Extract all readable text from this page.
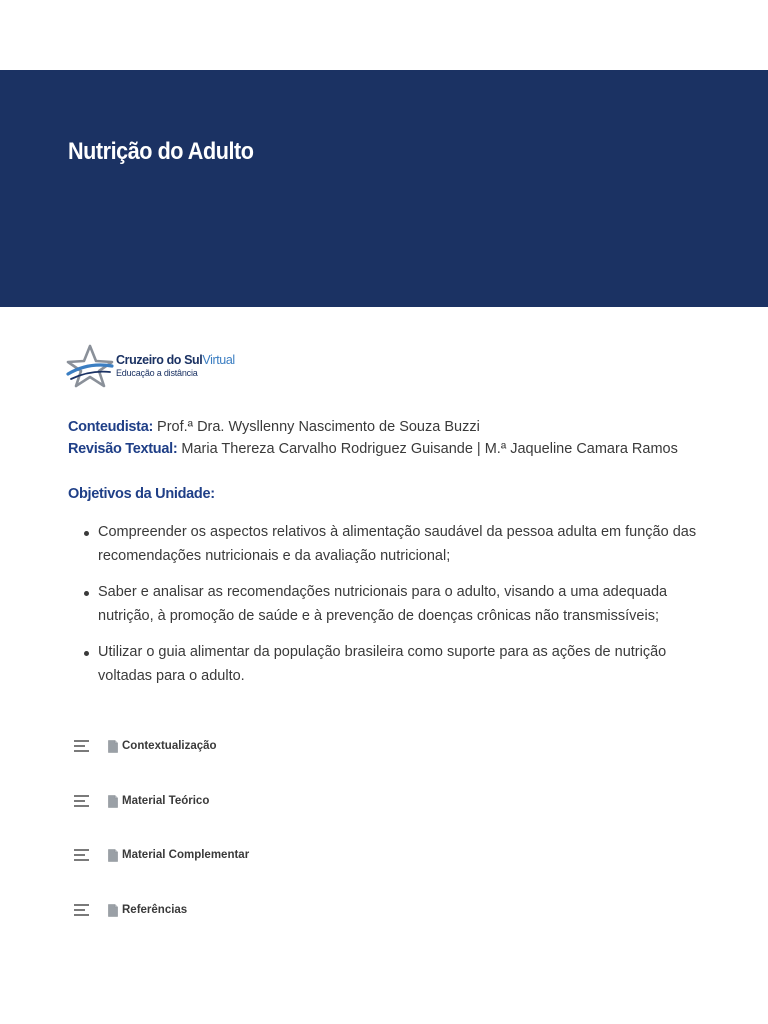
Nutrição do Adulto
Cruzeiro do SulVirtual
Educação a distância
Conteudista: Prof.ª Dra. Wysllenny Nascimento de Souza Buzzi
Revisão Textual: Maria Thereza Carvalho Rodriguez Guisande | M.ª Jaqueline Camara Ramos
Objetivos da Unidade:
Compreender os aspectos relativos à alimentação saudável da pessoa adulta em função das recomendações nutricionais e da avaliação nutricional;
Saber e analisar as recomendações nutricionais para o adulto, visando a uma adequada nutrição, à promoção de saúde e à prevenção de doenças crônicas não transmissíveis;
Utilizar o guia alimentar da população brasileira como suporte para as ações de nutrição voltadas para o adulto.
Contextualização
Material Teórico
Material Complementar
Referências
